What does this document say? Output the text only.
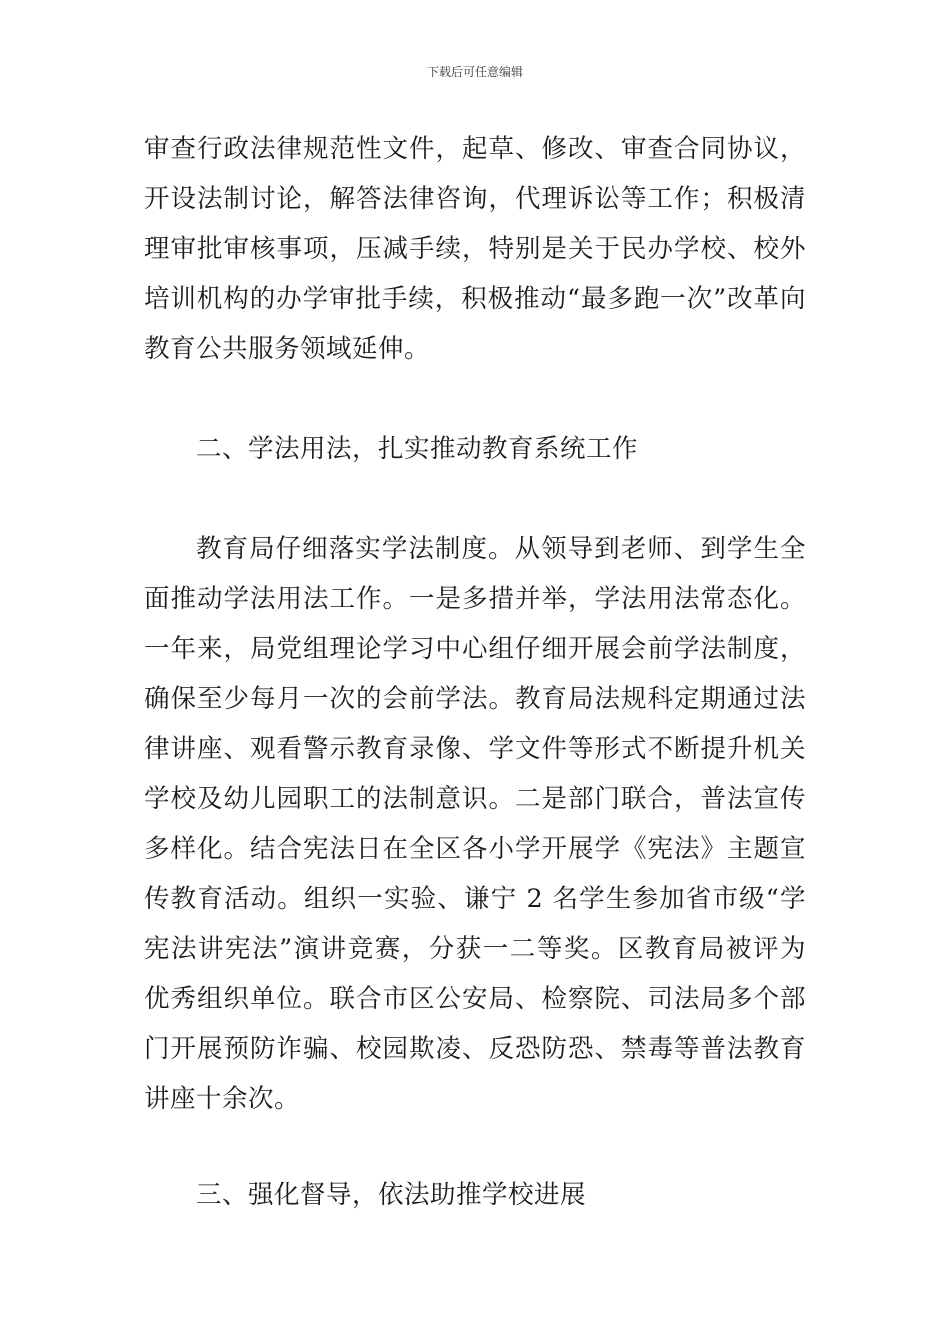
下载后可任意编辑

审查行政法律规范性文件，起草、修改、审查合同协议，开设法制讨论，解答法律咨询，代理诉讼等工作；积极清理审批审核事项，压减手续，特别是关于民办学校、校外培训机构的办学审批手续，积极推动“最多跑一次”改革向教育公共服务领域延伸。

二、学法用法，扎实推动教育系统工作

教育局仔细落实学法制度。从领导到老师、到学生全面推动学法用法工作。一是多措并举，学法用法常态化。一年来，局党组理论学习中心组仔细开展会前学法制度，确保至少每月一次的会前学法。教育局法规科定期通过法律讲座、观看警示教育录像、学文件等形式不断提升机关学校及幼儿园职工的法制意识。二是部门联合，普法宣传多样化。结合宪法日在全区各小学开展学《宪法》主题宣传教育活动。组织一实验、谦宁 2 名学生参加省市级“学宪法讲宪法”演讲竞赛，分获一二等奖。区教育局被评为优秀组织单位。联合市区公安局、检察院、司法局多个部门开展预防诈骗、校园欺凌、反恐防恐、禁毒等普法教育讲座十余次。

三、强化督导，依法助推学校进展
